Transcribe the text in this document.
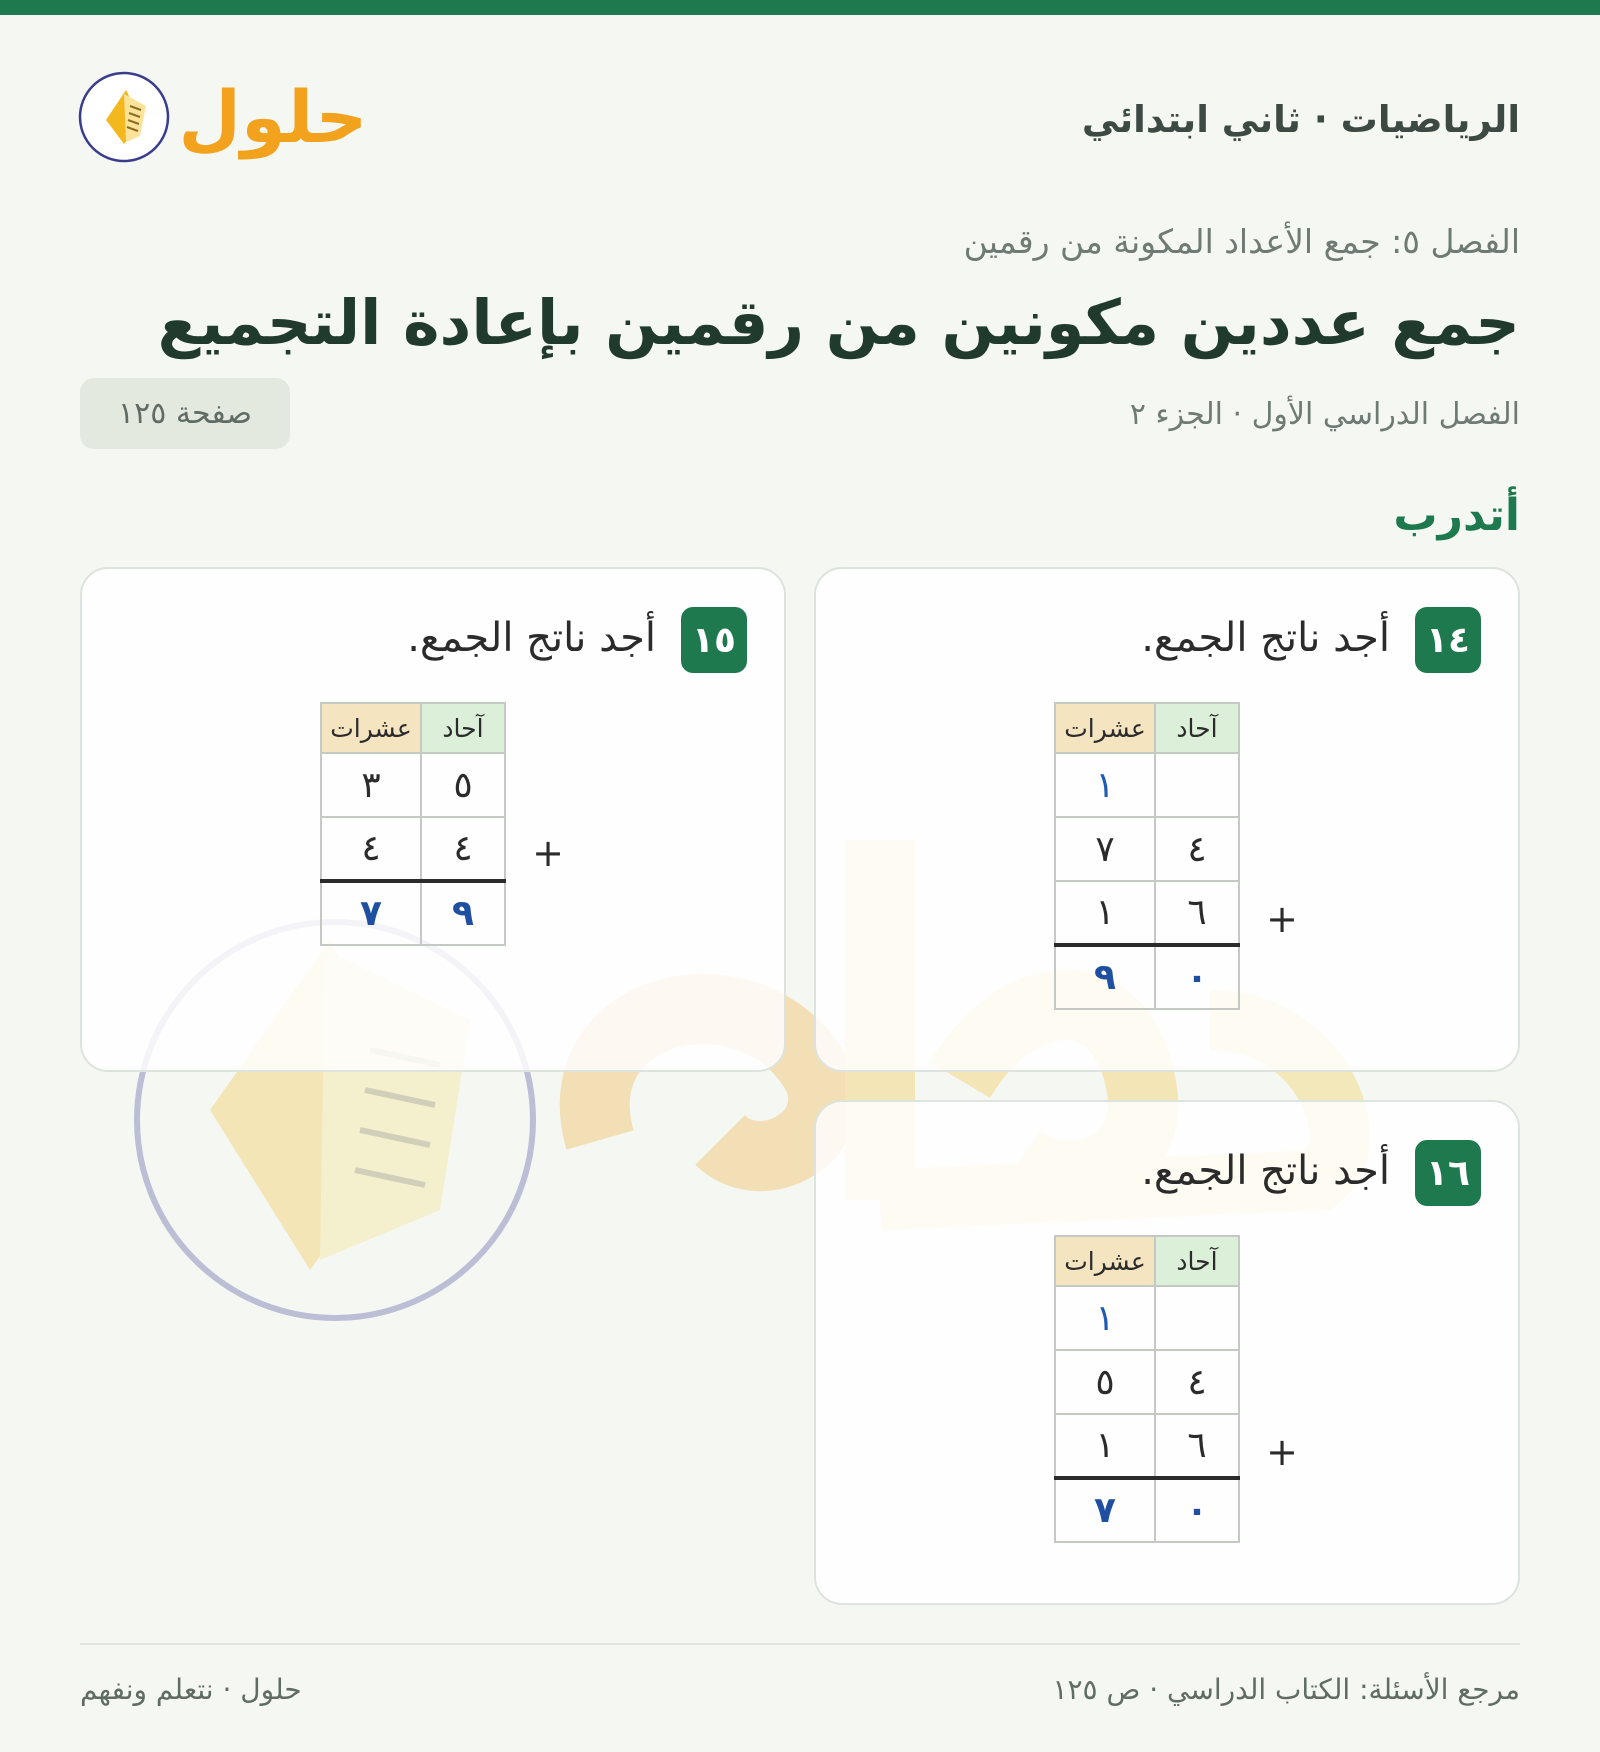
الرياضيات · ثاني ابتدائي
حلول
الفصل ٥: جمع الأعداد المكونة من رقمين
جمع عددين مكونين من رقمين بإعادة التجميع
الفصل الدراسي الأول · الجزء ٢
صفحة ١٢٥
أتدرب
١٤
أجد ناتج الجمع.
آحاد	عشرات
	١
٤	٧
٦	١
٠	٩
+
١٥
أجد ناتج الجمع.
آحاد	عشرات
٥	٣
٤	٤
٩	٧
+
١٦
أجد ناتج الجمع.
آحاد	عشرات
	١
٤	٥
٦	١
٠	٧
+
مرجع الأسئلة: الكتاب الدراسي · ص ١٢٥
حلول · نتعلم ونفهم
